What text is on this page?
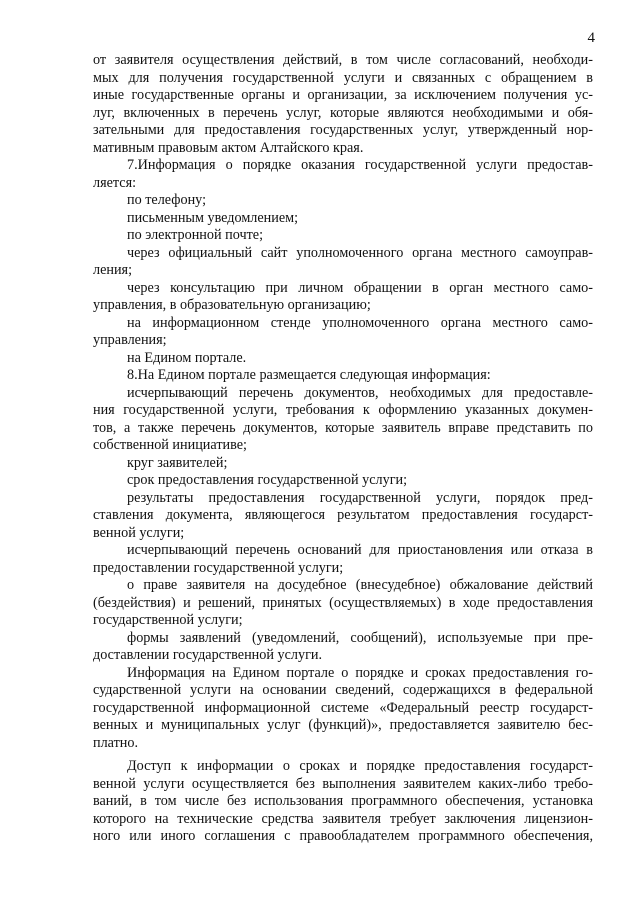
4
от заявителя осуществления действий, в том числе согласований, необходи-
мых для получения государственной услуги и связанных с обращением в
иные государственные органы и организации, за исключением получения ус-
луг, включенных в перечень услуг, которые являются необходимыми и обя-
зательными для предоставления государственных услуг, утвержденный нор-
мативным правовым актом Алтайского края.
7.Информация о порядке оказания государственной услуги предостав-
ляется:
по телефону;
письменным уведомлением;
по электронной почте;
через официальный сайт уполномоченного органа местного самоуправ-
ления;
через консультацию при личном обращении в орган местного само-
управления, в образовательную организацию;
на информационном стенде уполномоченного органа местного само-
управления;
на Едином портале.
8.На Едином портале размещается следующая информация:
исчерпывающий перечень документов, необходимых для предоставле-
ния государственной услуги, требования к оформлению указанных докумен-
тов, а также перечень документов, которые заявитель вправе представить по
собственной инициативе;
круг заявителей;
срок предоставления государственной услуги;
результаты предоставления государственной услуги, порядок пред-
ставления документа, являющегося результатом предоставления государст-
венной услуги;
исчерпывающий перечень оснований для приостановления или отказа в
предоставлении государственной услуги;
о праве заявителя на досудебное (внесудебное) обжалование действий
(бездействия) и решений, принятых (осуществляемых) в ходе предоставления
государственной услуги;
формы заявлений (уведомлений, сообщений), используемые при пре-
доставлении государственной услуги.
Информация на Едином портале о порядке и сроках предоставления го-
сударственной услуги на основании сведений, содержащихся в федеральной
государственной информационной системе «Федеральный реестр государст-
венных и муниципальных услуг (функций)», предоставляется заявителю бес-
платно.
Доступ к информации о сроках и порядке предоставления государст-
венной услуги осуществляется без выполнения заявителем каких-либо требо-
ваний, в том числе без использования программного обеспечения, установка
которого на технические средства заявителя требует заключения лицензион-
ного или иного соглашения с правообладателем программного обеспечения,
